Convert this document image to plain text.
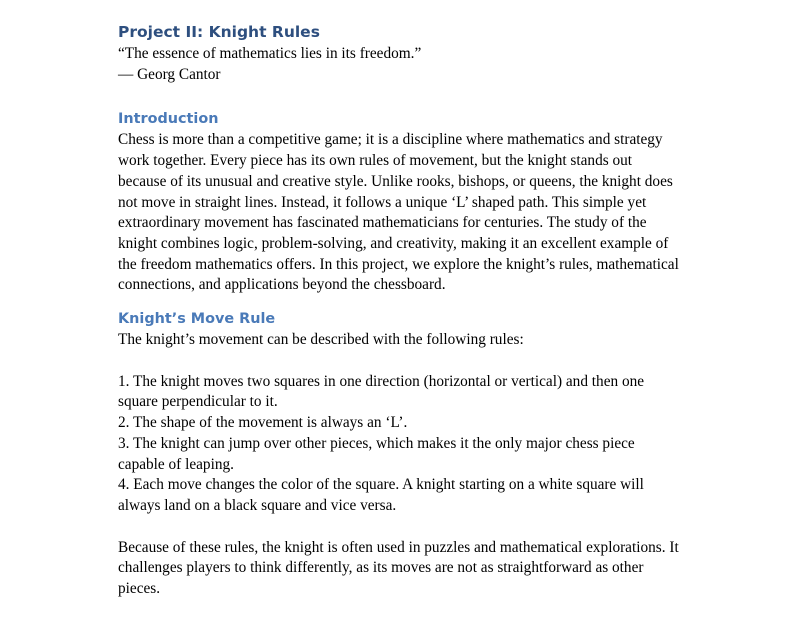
Project II: Knight Rules

“The essence of mathematics lies in its freedom.”

— Georg Cantor

Introduction

Chess is more than a competitive game; it is a discipline where mathematics and strategy work together. Every piece has its own rules of movement, but the knight stands out because of its unusual and creative style. Unlike rooks, bishops, or queens, the knight does not move in straight lines. Instead, it follows a unique ‘L’ shaped path. This simple yet extraordinary movement has fascinated mathematicians for centuries. The study of the knight combines logic, problem-solving, and creativity, making it an excellent example of the freedom mathematics offers. In this project, we explore the knight’s rules, mathematical connections, and applications beyond the chessboard.

Knight’s Move Rule

The knight’s movement can be described with the following rules:

1. The knight moves two squares in one direction (horizontal or vertical) and then one square perpendicular to it.
2. The shape of the movement is always an ‘L’.
3. The knight can jump over other pieces, which makes it the only major chess piece capable of leaping.
4. Each move changes the color of the square. A knight starting on a white square will always land on a black square and vice versa.

Because of these rules, the knight is often used in puzzles and mathematical explorations. It challenges players to think differently, as its moves are not as straightforward as other pieces.
